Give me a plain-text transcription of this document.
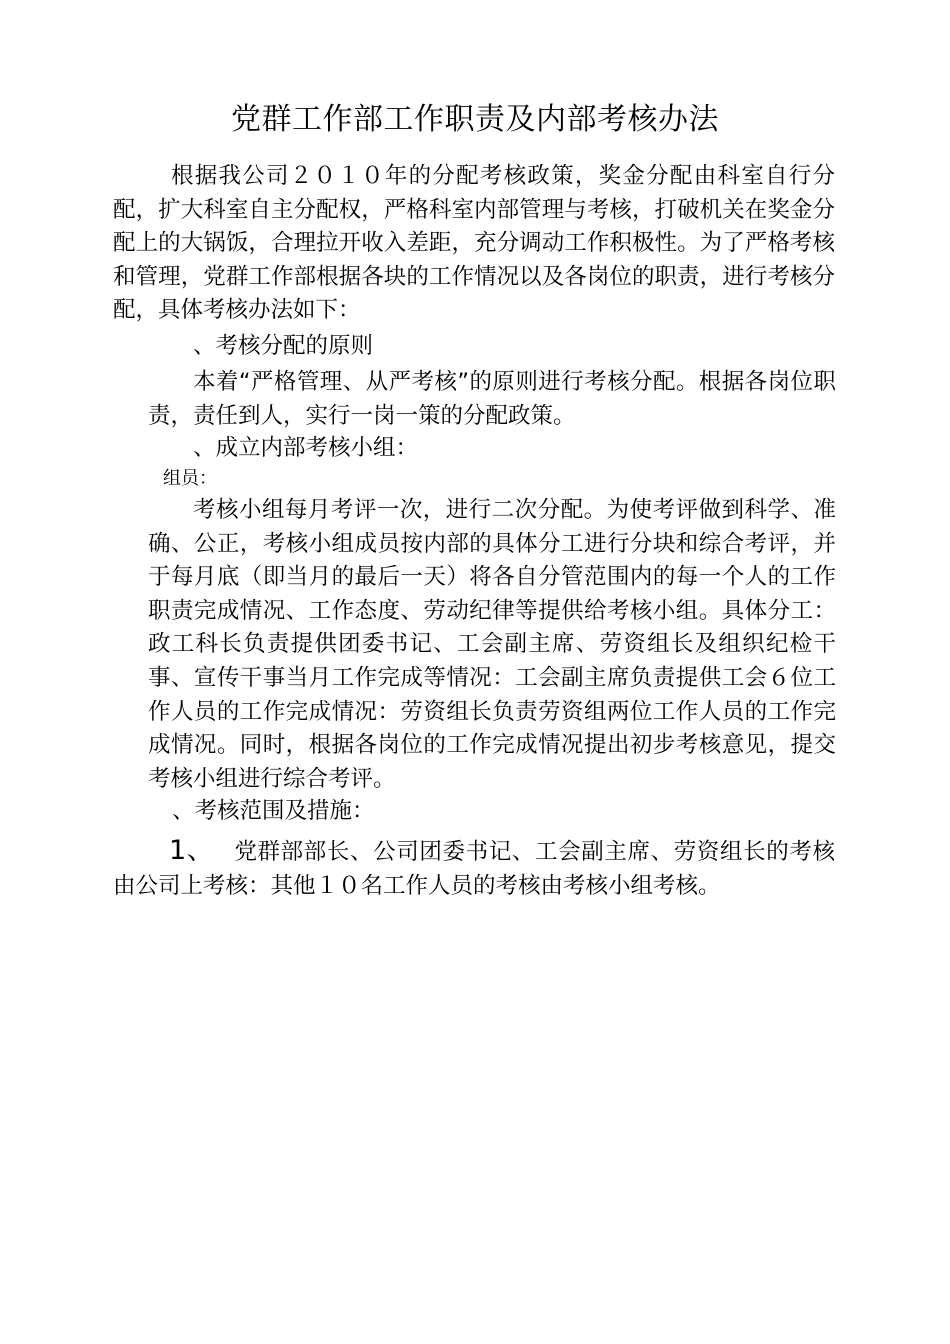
党群工作部工作职责及内部考核办法

根据我公司２０１０年的分配考核政策，奖金分配由科室自行分配，扩大科室自主分配权，严格科室内部管理与考核，打破机关在奖金分配上的大锅饭，合理拉开收入差距，充分调动工作积极性。为了严格考核和管理，党群工作部根据各块的工作情况以及各岗位的职责，进行考核分配，具体考核办法如下：

、考核分配的原则

本着“严格管理、从严考核”的原则进行考核分配。根据各岗位职责，责任到人，实行一岗一策的分配政策。

、成立内部考核小组：
组员：

考核小组每月考评一次，进行二次分配。为使考评做到科学、准确、公正，考核小组成员按内部的具体分工进行分块和综合考评，并于每月底（即当月的最后一天）将各自分管范围内的每一个人的工作职责完成情况、工作态度、劳动纪律等提供给考核小组。具体分工：政工科长负责提供团委书记、工会副主席、劳资组长及组织纪检干事、宣传干事当月工作完成等情况：工会副主席负责提供工会６位工作人员的工作完成情况：劳资组长负责劳资组两位工作人员的工作完成情况。同时，根据各岗位的工作完成情况提出初步考核意见，提交考核小组进行综合考评。

、考核范围及措施：

1、 党群部部长、公司团委书记、工会副主席、劳资组长的考核由公司上考核：其他１０名工作人员的考核由考核小组考核。
